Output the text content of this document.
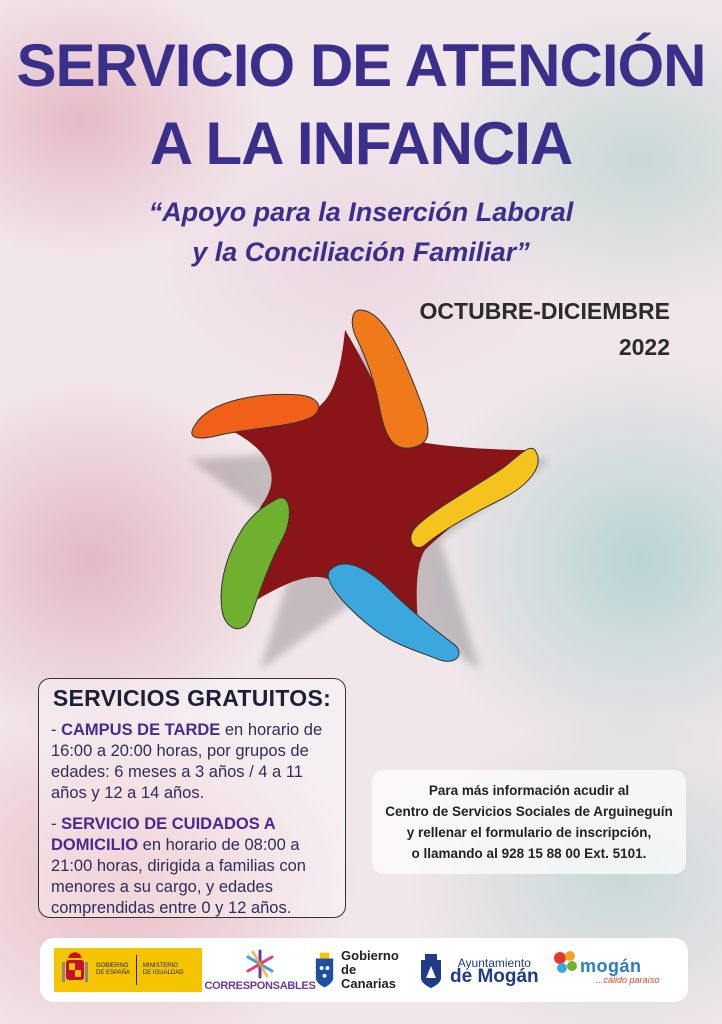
SERVICIO DE ATENCIÓN
A LA INFANCIA
“Apoyo para la Inserción Laboral
y la Conciliación Familiar”
OCTUBRE-DICIEMBRE
2022
SERVICIOS GRATUITOS:

- CAMPUS DE TARDE en horario de 16:00 a 20:00 horas, por grupos de edades: 6 meses a 3 años / 4 a 11 años y 12 a 14 años.

- SERVICIO DE CUIDADOS A DOMICILIO en horario de 08:00 a 21:00 horas, dirigida a familias con menores a su cargo, y edades comprendidas entre 0 y 12 años.

Para más información acudir al
Centro de Servicios Sociales de Arguineguín
y rellenar el formulario de inscripción,
o llamando al 928 15 88 00 Ext. 5101.
GOBIERNO
DE ESPAÑA
MINISTERIO
DE IGUALDAD
CORRESPONSABLES
Gobierno
de Canarias
Ayuntamiento
de Mogán
mogán
...cálido paraíso
